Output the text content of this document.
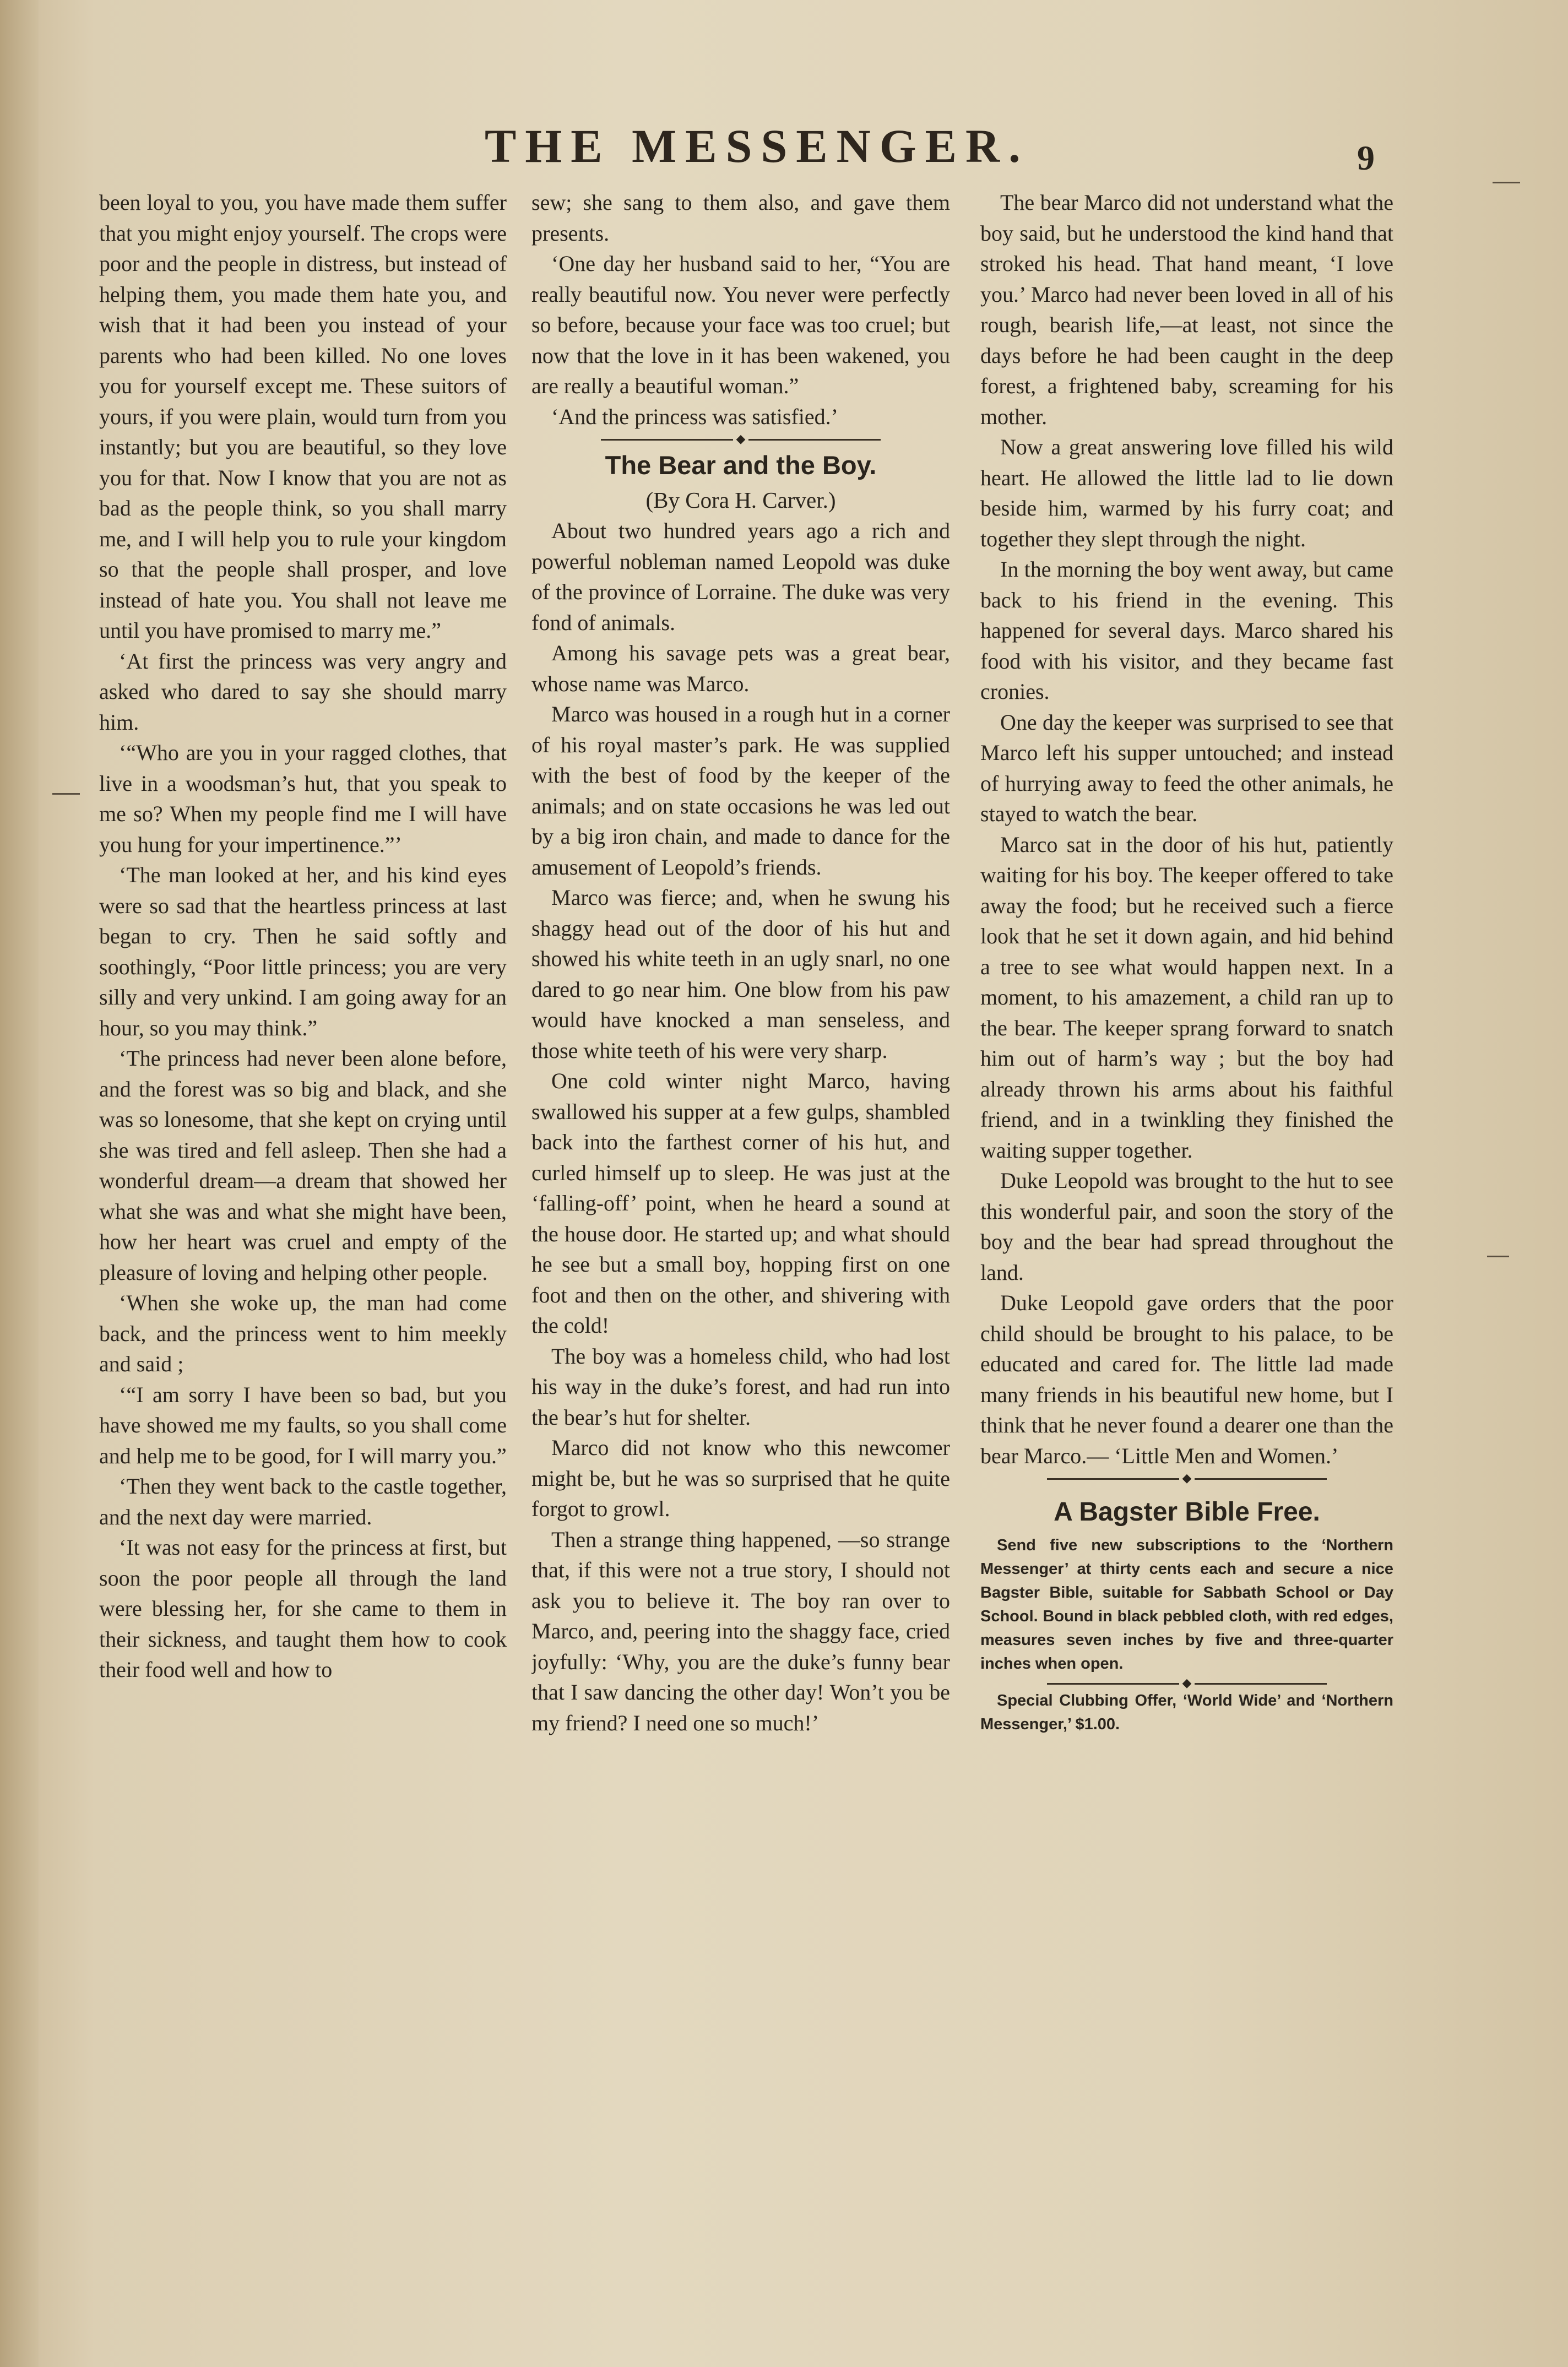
THE MESSENGER.	9

been loyal to you, you have made them suffer that you might enjoy yourself. The crops were poor and the people in distress, but instead of helping them, you made them hate you, and wish that it had been you instead of your parents who had been killed. No one loves you for yourself except me. These suitors of yours, if you were plain, would turn from you instantly; but you are beautiful, so they love you for that. Now I know that you are not as bad as the people think, so you shall marry me, and I will help you to rule your kingdom so that the people shall prosper, and love instead of hate you. You shall not leave me until you have promised to marry me.”

‘At first the princess was very angry and asked who dared to say she should marry him.

‘“Who are you in your ragged clothes, that live in a woodsman’s hut, that you speak to me so? When my people find me I will have you hung for your impertinence.”’

‘The man looked at her, and his kind eyes were so sad that the heartless princess at last began to cry. Then he said softly and soothingly, “Poor little princess; you are very silly and very unkind. I am going away for an hour, so you may think.”

‘The princess had never been alone before, and the forest was so big and black, and she was so lonesome, that she kept on crying until she was tired and fell asleep. Then she had a wonderful dream—a dream that showed her what she was and what she might have been, how her heart was cruel and empty of the pleasure of loving and helping other people.

‘When she woke up, the man had come back, and the princess went to him meekly and said ;

‘“I am sorry I have been so bad, but you have showed me my faults, so you shall come and help me to be good, for I will marry you.”

‘Then they went back to the castle together, and the next day were married.

‘It was not easy for the princess at first, but soon the poor people all through the land were blessing her, for she came to them in their sickness, and taught them how to cook their food well and how to

sew; she sang to them also, and gave them presents.

‘One day her husband said to her, “You are really beautiful now. You never were perfectly so before, because your face was too cruel; but now that the love in it has been wakened, you are really a beautiful woman.”

‘And the princess was satisfied.’

◆
The Bear and the Boy.
(By Cora H. Carver.)

About two hundred years ago a rich and powerful nobleman named Leopold was duke of the province of Lorraine. The duke was very fond of animals.

Among his savage pets was a great bear, whose name was Marco.

Marco was housed in a rough hut in a corner of his royal master’s park. He was supplied with the best of food by the keeper of the animals; and on state occasions he was led out by a big iron chain, and made to dance for the amusement of Leopold’s friends.

Marco was fierce; and, when he swung his shaggy head out of the door of his hut and showed his white teeth in an ugly snarl, no one dared to go near him. One blow from his paw would have knocked a man senseless, and those white teeth of his were very sharp.

One cold winter night Marco, having swallowed his supper at a few gulps, shambled back into the farthest corner of his hut, and curled himself up to sleep. He was just at the ‘falling-off’ point, when he heard a sound at the house door. He started up; and what should he see but a small boy, hopping first on one foot and then on the other, and shivering with the cold!

The boy was a homeless child, who had lost his way in the duke’s forest, and had run into the bear’s hut for shelter.

Marco did not know who this newcomer might be, but he was so surprised that he quite forgot to growl.

Then a strange thing happened, —so strange that, if this were not a true story, I should not ask you to believe it. The boy ran over to Marco, and, peering into the shaggy face, cried joyfully: ‘Why, you are the duke’s funny bear that I saw dancing the other day! Won’t you be my friend? I need one so much!’

The bear Marco did not understand what the boy said, but he understood the kind hand that stroked his head. That hand meant, ‘I love you.’ Marco had never been loved in all of his rough, bearish life,—at least, not since the days before he had been caught in the deep forest, a frightened baby, screaming for his mother.

Now a great answering love filled his wild heart. He allowed the little lad to lie down beside him, warmed by his furry coat; and together they slept through the night.

In the morning the boy went away, but came back to his friend in the evening. This happened for several days. Marco shared his food with his visitor, and they became fast cronies.

One day the keeper was surprised to see that Marco left his supper untouched; and instead of hurrying away to feed the other animals, he stayed to watch the bear.

Marco sat in the door of his hut, patiently waiting for his boy. The keeper offered to take away the food; but he received such a fierce look that he set it down again, and hid behind a tree to see what would happen next. In a moment, to his amazement, a child ran up to the bear. The keeper sprang forward to snatch him out of harm’s way ; but the boy had already thrown his arms about his faithful friend, and in a twinkling they finished the waiting supper together.

Duke Leopold was brought to the hut to see this wonderful pair, and soon the story of the boy and the bear had spread throughout the land.

Duke Leopold gave orders that the poor child should be brought to his palace, to be educated and cared for. The little lad made many friends in his beautiful new home, but I think that he never found a dearer one than the bear Marco.— ‘Little Men and Women.’

◆
A Bagster Bible Free.
Send five new subscriptions to the ‘Northern Messenger’ at thirty cents each and secure a nice Bagster Bible, suitable for Sabbath School or Day School. Bound in black pebbled cloth, with red edges, measures seven inches by five and three-quarter inches when open.
◆
Special Clubbing Offer, ‘World Wide’ and ‘Northern Messenger,’ $1.00.
